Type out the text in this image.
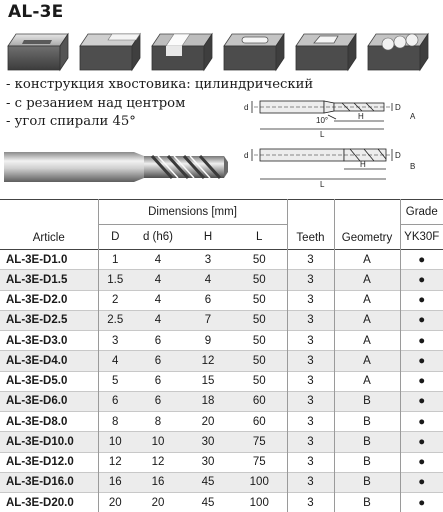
AL-3E
- конструкция хвостовика: цилиндрический
- с резанием над центром
- угол спирали 45°
d	D
10°	H
L
A
d	D
H
L
B
Article	Dimensions [mm]				Teeth	Geometry	Grade
	D	d (h6)	H	L			YK30F
AL-3E-D1.0	1	4	3	50	3	A	●
AL-3E-D1.5	1.5	4	4	50	3	A	●
AL-3E-D2.0	2	4	6	50	3	A	●
AL-3E-D2.5	2.5	4	7	50	3	A	●
AL-3E-D3.0	3	6	9	50	3	A	●
AL-3E-D4.0	4	6	12	50	3	A	●
AL-3E-D5.0	5	6	15	50	3	A	●
AL-3E-D6.0	6	6	18	60	3	B	●
AL-3E-D8.0	8	8	20	60	3	B	●
AL-3E-D10.0	10	10	30	75	3	B	●
AL-3E-D12.0	12	12	30	75	3	B	●
AL-3E-D16.0	16	16	45	100	3	B	●
AL-3E-D20.0	20	20	45	100	3	B	●
